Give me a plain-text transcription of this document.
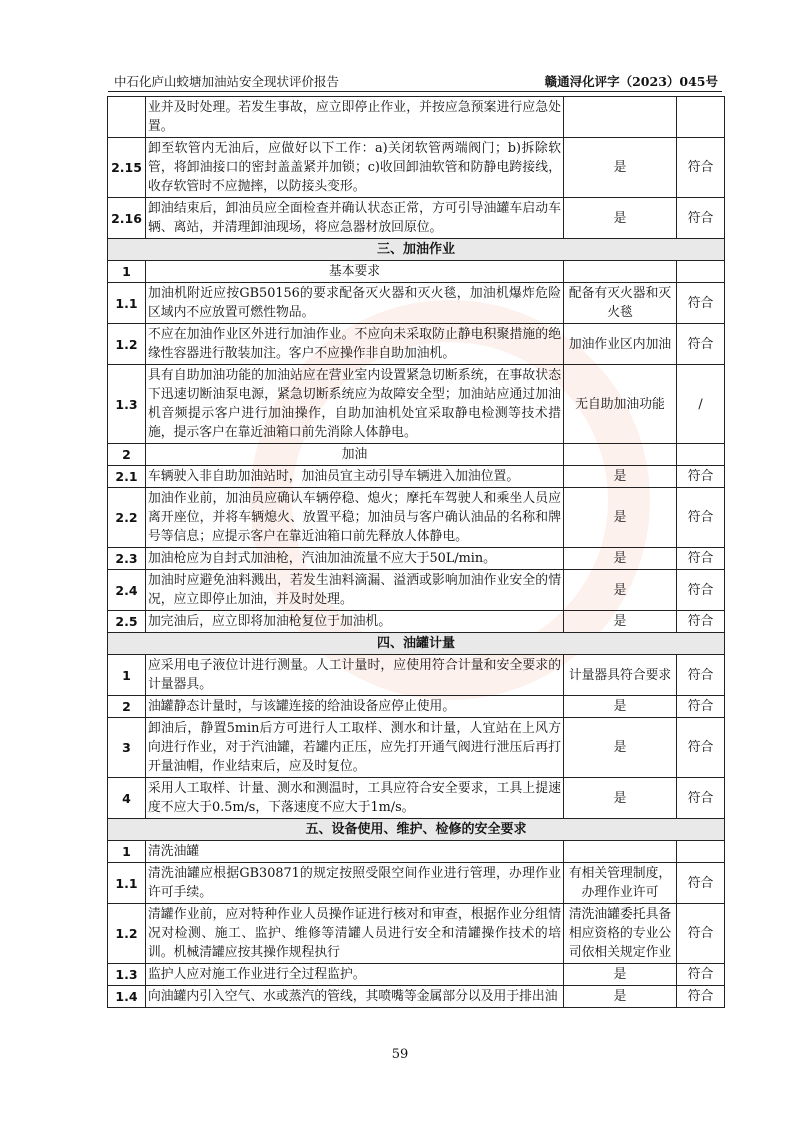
中石化庐山蛟塘加油站安全现状评价报告	赣通浔化评字（2023）045号
	业并及时处理。若发生事故，应立即停止作业，并按应急预案进行应急处置。		
2.15	卸至软管内无油后，应做好以下工作：a)关闭软管两端阀门；b)拆除软管，将卸油接口的密封盖盖紧并加锁；c)收回卸油软管和防静电跨接线，收存软管时不应抛摔，以防接头变形。	是	符合
2.16	卸油结束后，卸油员应全面检查并确认状态正常，方可引导油罐车启动车辆、离站，并清理卸油现场，将应急器材放回原位。	是	符合
三、加油作业			
1	基本要求		
1.1	加油机附近应按GB50156的要求配备灭火器和灭火毯，加油机爆炸危险区域内不应放置可燃性物品。	配备有灭火器和灭火毯	符合
1.2	不应在加油作业区外进行加油作业。不应向未采取防止静电积聚措施的绝缘性容器进行散装加注。客户不应操作非自助加油机。	加油作业区内加油	符合
1.3	具有自助加油功能的加油站应在营业室内设置紧急切断系统，在事故状态下迅速切断油泵电源，紧急切断系统应为故障安全型；加油站应通过加油机音频提示客户进行加油操作，自助加油机处宜采取静电检测等技术措施，提示客户在靠近油箱口前先消除人体静电。	无自助加油功能	/
2	加油		
2.1	车辆驶入非自助加油站时，加油员宜主动引导车辆进入加油位置。	是	符合
2.2	加油作业前，加油员应确认车辆停稳、熄火；摩托车驾驶人和乘坐人员应离开座位，并将车辆熄火、放置平稳；加油员与客户确认油品的名称和牌号等信息；应提示客户在靠近油箱口前先释放人体静电。	是	符合
2.3	加油枪应为自封式加油枪，汽油加油流量不应大于50L/min。	是	符合
2.4	加油时应避免油料溅出，若发生油料滴漏、溢洒或影响加油作业安全的情况，应立即停止加油，并及时处理。	是	符合
2.5	加完油后，应立即将加油枪复位于加油机。	是	符合
四、油罐计量			
1	应采用电子液位计进行测量。人工计量时，应使用符合计量和安全要求的计量器具。	计量器具符合要求	符合
2	油罐静态计量时，与该罐连接的给油设备应停止使用。	是	符合
3	卸油后，静置5min后方可进行人工取样、测水和计量，人宜站在上风方向进行作业，对于汽油罐，若罐内正压，应先打开通气阀进行泄压后再打开量油帽，作业结束后，应及时复位。	是	符合
4	采用人工取样、计量、测水和测温时，工具应符合安全要求，工具上提速度不应大于0.5m/s，下落速度不应大于1m/s。	是	符合
五、设备使用、维护、检修的安全要求			
1	清洗油罐		
1.1	清洗油罐应根据GB30871的规定按照受限空间作业进行管理，办理作业许可手续。	有相关管理制度，办理作业许可	符合
1.2	清罐作业前，应对特种作业人员操作证进行核对和审查，根据作业分组情况对检测、施工、监护、维修等清罐人员进行安全和清罐操作技术的培训。机械清罐应按其操作规程执行	清洗油罐委托具备相应资格的专业公司依相关规定作业	符合
1.3	监护人应对施工作业进行全过程监护。	是	符合
1.4	向油罐内引入空气、水或蒸汽的管线，其喷嘴等金属部分以及用于排出油	是	符合
59
